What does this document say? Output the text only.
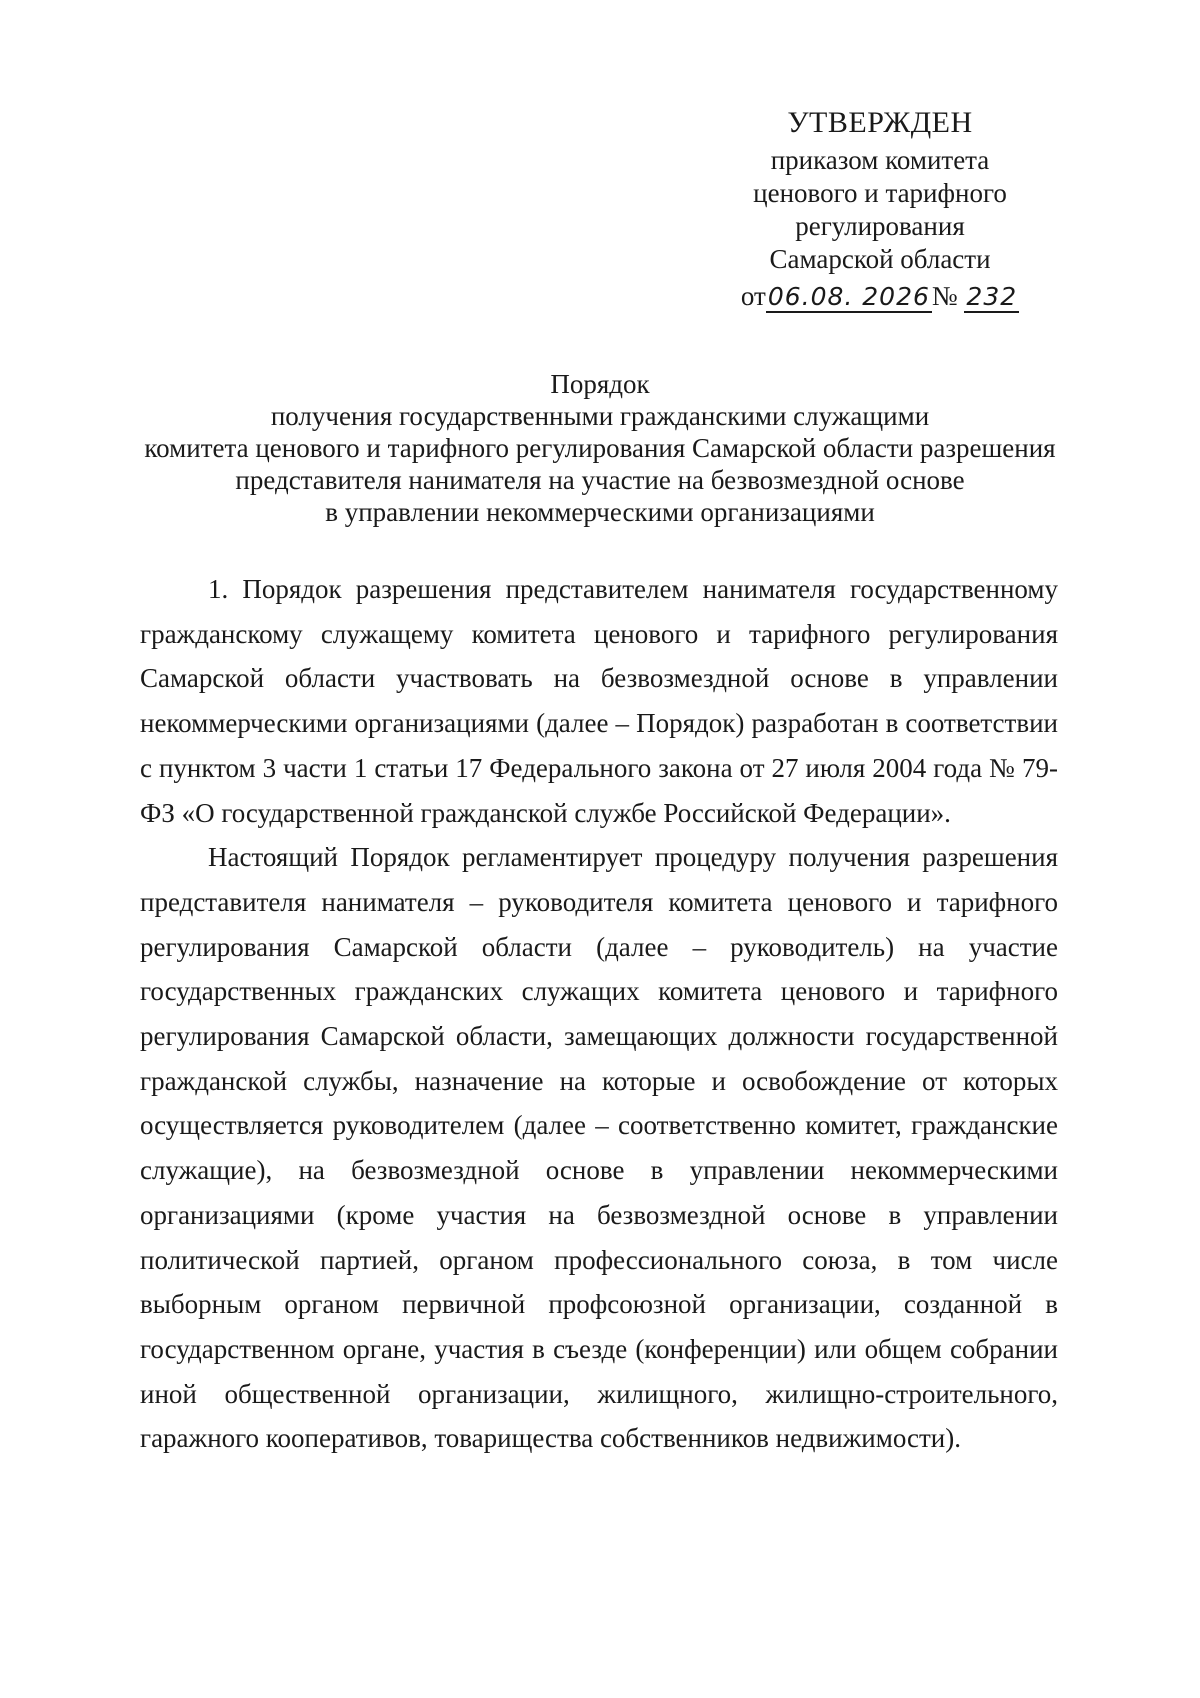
УТВЕРЖДЕН
приказом комитета
ценового и тарифного
регулирования
Самарской области
от06.08. 2026№ 232
Порядок
получения государственными гражданскими служащими
комитета ценового и тарифного регулирования Самарской области разрешения
представителя нанимателя на участие на безвозмездной основе
в управлении некоммерческими организациями

1. Порядок разрешения представителем нанимателя государственному гражданскому служащему комитета ценового и тарифного регулирования Самарской области участвовать на безвозмездной основе в управлении некоммерческими организациями (далее – Порядок) разработан в соответствии с пунктом 3 части 1 статьи 17 Федерального закона от 27 июля 2004 года № 79-ФЗ «О государственной гражданской службе Российской Федерации».

Настоящий Порядок регламентирует процедуру получения разрешения представителя нанимателя – руководителя комитета ценового и тарифного регулирования Самарской области (далее – руководитель) на участие государственных гражданских служащих комитета ценового и тарифного регулирования Самарской области, замещающих должности государственной гражданской службы, назначение на которые и освобождение от которых осуществляется руководителем (далее – соответственно комитет, гражданские служащие), на безвозмездной основе в управлении некоммерческими организациями (кроме участия на безвозмездной основе в управлении политической партией, органом профессионального союза, в том числе выборным органом первичной профсоюзной организации, созданной в государственном органе, участия в съезде (конференции) или общем собрании иной общественной организации, жилищного, жилищно-строительного, гаражного кооперативов, товарищества собственников недвижимости).
